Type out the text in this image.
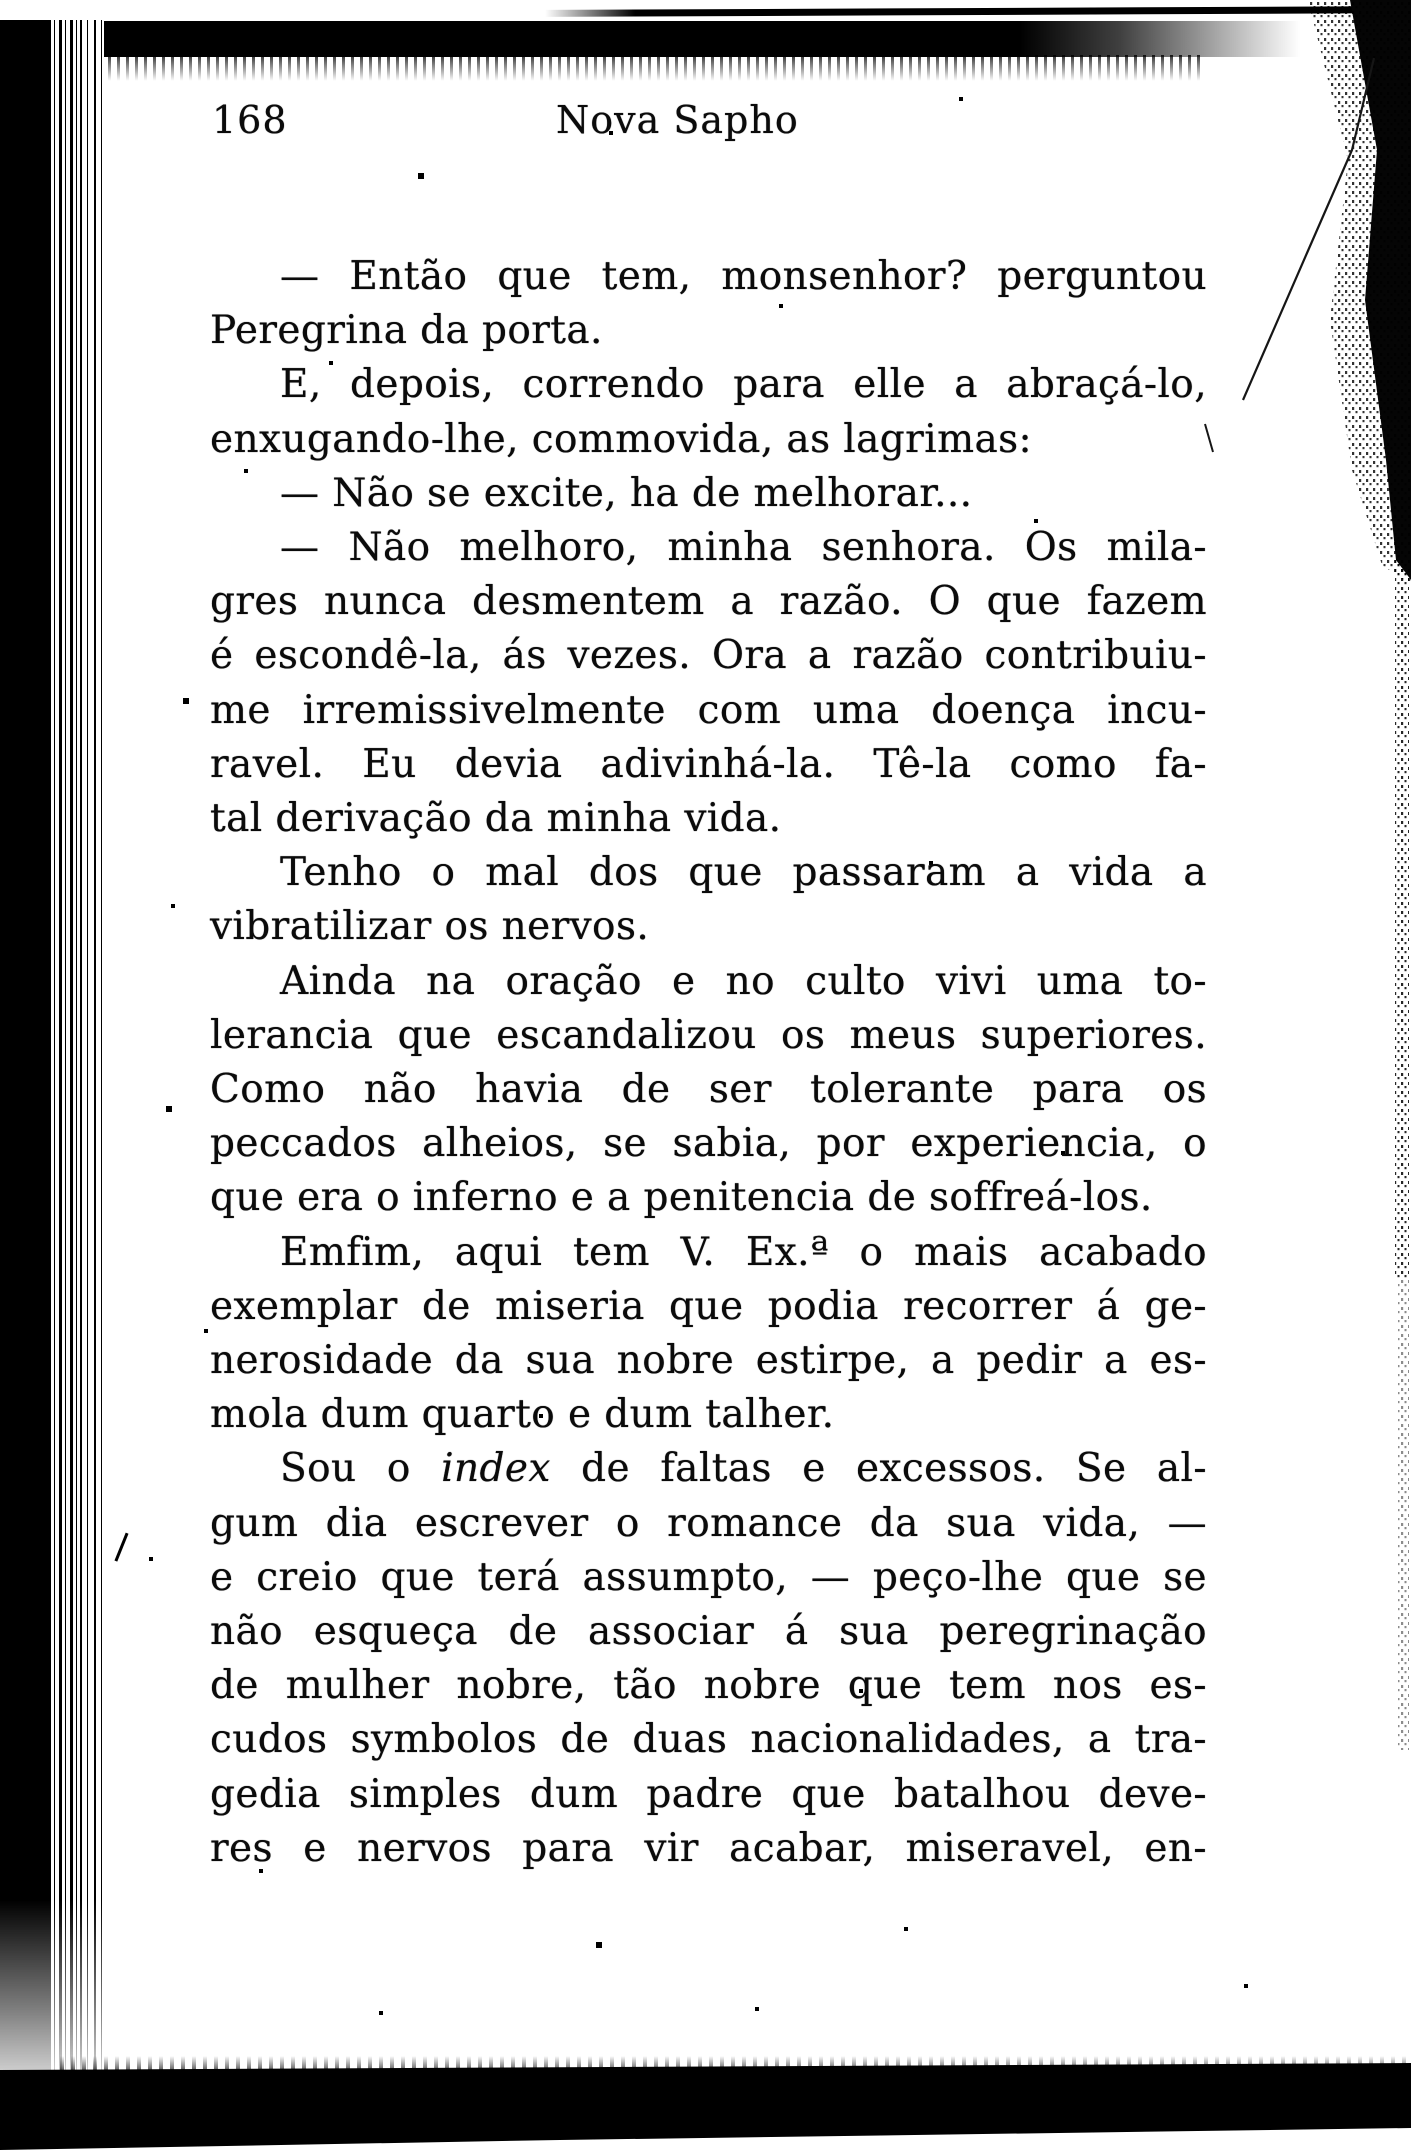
168	Nova Sapho
— Então que tem, monsenhor? perguntou
Peregrina da porta.
E, depois, correndo para elle a abraçá-lo,
enxugando-lhe, commovida, as lagrimas:
— Não se excite, ha de melhorar...
— Não melhoro, minha senhora. Os mila-
gres nunca desmentem a razão. O que fazem
é escondê-la, ás vezes. Ora a razão contribuiu-
me irremissivelmente com uma doença incu-
ravel. Eu devia adivinhá-la. Tê-la como fa-
tal derivação da minha vida.
Tenho o mal dos que passaram a vida a
vibratilizar os nervos.
Ainda na oração e no culto vivi uma to-
lerancia que escandalizou os meus superiores.
Como não havia de ser tolerante para os
peccados alheios, se sabia, por experiencia, o
que era o inferno e a penitencia de soffreá-los.
Emfim, aqui tem V. Ex.ª o mais acabado
exemplar de miseria que podia recorrer á ge-
nerosidade da sua nobre estirpe, a pedir a es-
mola dum quarto e dum talher.
Sou o index de faltas e excessos. Se al-
gum dia escrever o romance da sua vida, —
e creio que terá assumpto, — peço-lhe que se
não esqueça de associar á sua peregrinação
de mulher nobre, tão nobre que tem nos es-
cudos symbolos de duas nacionalidades, a tra-
gedia simples dum padre que batalhou deve-
res e nervos para vir acabar, miseravel, en-
